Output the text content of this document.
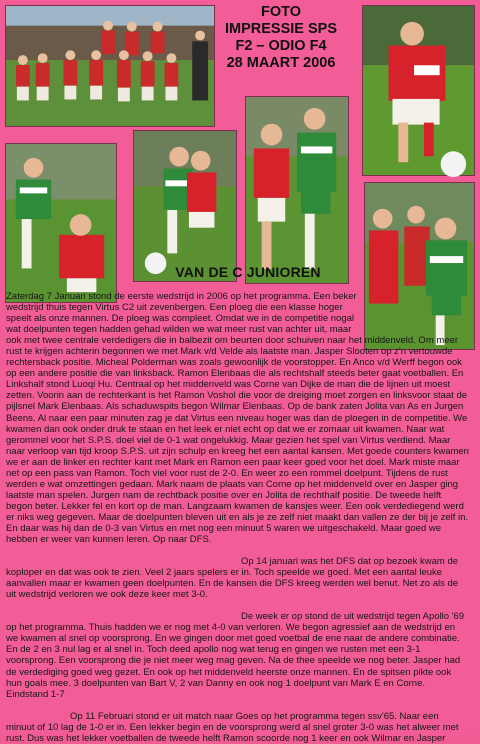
FOTO
IMPRESSIE SPS
F2 – ODIO F4
28 MAART 2006
VAN DE C JUNIOREN
Zaterdag 7 Januari stond de eerste wedstrijd in 2006 op het programma. Een beker
wedstrijd thuis tegen Virtus C2 uit zevenbergen. Een ploeg die een klasse hoger
speelt als onze mannen. De ploeg was compleet. Omdat we in de competitie nogal
wat doelpunten tegen hadden gehad wilden we wat meer rust van achter uit, maar
ook met twee centrale verdedigers die in balbezit om beurten door schuiven naar het middenveld. Om meer
rust te krijgen achterin begonnen we met Mark v/d Velde als laatste man. Jasper Slooten op z'n vertouwde
rechtersback positie. Micheal Polderman was zoals gewoonlijk de voorstopper. En Anco v/d Werff begon ook
op een andere positie die van linksback. Ramon Elenbaas die als rechtshalf steeds beter gaat voetballen. En
Linkshalf stond Luoqi Hu. Centraal op het middenveld was Corne van Dijke de man die de lijnen uit moest
zetten. Voorin aan de rechterkant is het Ramon Voshol die voor de dreiging moet zorgen en linksvoor staat de
pijlsnel Mark Elenbaas. Als schaduwspits begon Wilmar Elenbaas. Op de bank zaten Jolita van As en Jurgen
Beens. Al naar een paar minuten zag je dat Virtus een niveau hoger was dan de ploegen in de competitie. We
kwamen dan ook onder druk te staan en het leek er niet echt op dat we er zomaar uit kwamen. Naar wat
gerommel voor het S.P.S. doel viel de 0-1 wat ongelukkig. Maar gezien het spel van Virtus verdiend. Maar
naar verloop van tijd kroop S.P.S. uit zijn schulp en kreeg het een aantal kansen. Met goede counters kwamen
we er aan de linker en rechter kant met Mark en Ramon een paar keer goed voor het doel. Mark miste maar
net op een pass van Ramon. Toch viel voor rust de 2-0. En weer zo een rommel doelpunt. Tijdens de rust
werden e wat omzettingen gedaan. Mark naam de plaats van Corne op het middenveld over en Jasper ging
laatste man spelen. Jurgen nam de rechtback positie over en Jolita de rechthalf positie. De tweede helft
begon beter. Lekker fel en kort op de man. Langzaam kwamen de kansjes weer. Een ook verdediegend werd
er niks weg gegeven. Maar de doelpunten bleven uit en als je ze zelf niet maakt dan vallen ze der bij je zelf in.
En daar was hij dan de 0-3 van Virtus en met nog een minuut 5 waren we uitgeschakeld. Maar goed we
hebben er weer van kunnen leren. Op naar DFS.
Op 14 januari was het DFS dat op bezoek kwam de
koploper en dat was ook te zien. Veel 2 jaars spelers er in. Toch speelde we goed. Met een aantal leuke
aanvallen maar er kwamen geen doelpunten. En de kansen die DFS kreeg werden wel benut. Net zo als de
uit wedstrijd verloren we ook deze keer met 3-0.
De week er op stond de uit wedstrijd tegen Apollo '69
op het programma. Thuis hadden we er nog met 4-0 van verloren. We begon agressief aan de wedstrijd en
we kwamen al snel op voorsprong. En we gingen door met goed voetbal de ene naar de andere combinatie.
En de 2 en 3 nul lag er al snel in. Toch deed apollo nog wat terug en gingen we rusten met een 3-1
voorsprong. Een voorsprong die je niet meer weg mag geven. Na de thee speelde we nog beter. Jasper had
de verdediging goed weg gezet. En ook op het middenveld heerste onze mannen. En de spitsen pikte ook
hun goals mee. 3 doelpunten van Bart V, 2 van Danny en ook nog 1 doelpunt van Mark E en Corne.
Eindstand 1-7
Op 11 Februari stond er uit match naar Goes op het programma tegen ssv'65. Naar een
minuut of 10 lag de 1-0 er in. Een lekker begin en de voorsprong werd al snel groter 3-0 was het alweer met
rust. Dus was het lekker voetballen de tweede helft Ramon scoorde nog 1 keer en ook Wilmar en Jasper
